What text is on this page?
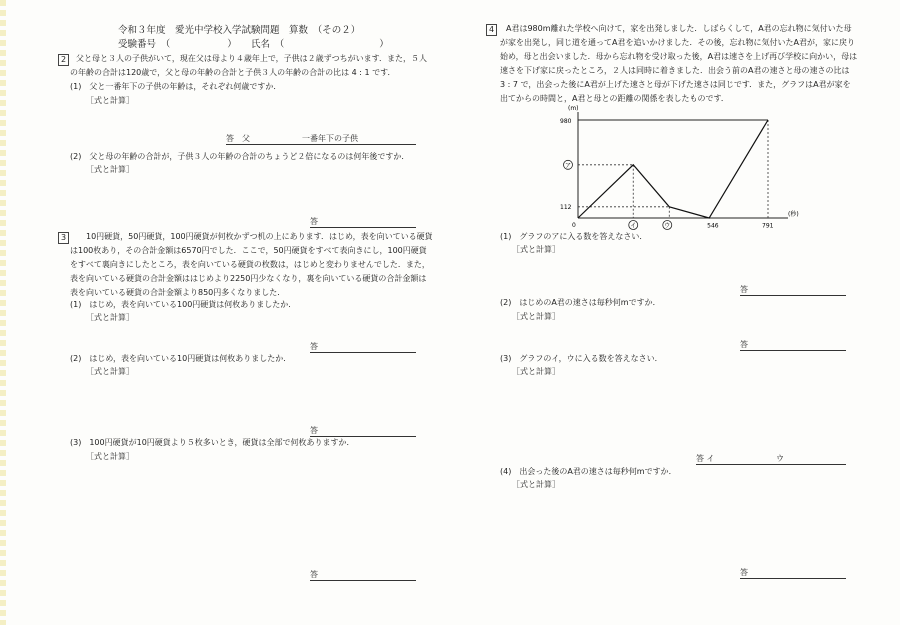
令和３年度　愛光中学校入学試験問題　算数　（その２）
受験番号　（　　　　　　）　　氏名　（　　　　　　　　　　）
2	父と母と３人の子供がいて，現在父は母より４歳年上で，子供は２歳ずつちがいます．また，５人
の年齢の合計は120歳で，父と母の年齢の合計と子供３人の年齢の合計の比は 4 : 1 です．
(1)　父と一番年下の子供の年齢は，それぞれ何歳ですか．
［式と計算］
答　父	一番年下の子供
(2)　父と母の年齢の合計が，子供３人の年齢の合計のちょうど２倍になるのは何年後ですか．
［式と計算］
答
3	10円硬貨，50円硬貨，100円硬貨が何枚かずつ机の上にあります．はじめ，表を向いている硬貨
は100枚あり，その合計金額は6570円でした．ここで，50円硬貨をすべて表向きにし，100円硬貨
をすべて裏向きにしたところ，表を向いている硬貨の枚数は，はじめと変わりませんでした．また，
表を向いている硬貨の合計金額ははじめより2250円少なくなり，裏を向いている硬貨の合計金額は
表を向いている硬貨の合計金額より850円多くなりました．
(1)　はじめ，表を向いている100円硬貨は何枚ありましたか．
［式と計算］
答
(2)　はじめ，表を向いている10円硬貨は何枚ありましたか．
［式と計算］
答
(3)　100円硬貨が10円硬貨より５枚多いとき，硬貨は全部で何枚ありますか．
［式と計算］
答
4	A君は980m離れた学校へ向けて，家を出発しました．しばらくして，A君の忘れ物に気付いた母
が家を出発し，同じ道を通ってA君を追いかけました．その後，忘れ物に気付いたA君が，家に戻り
始め，母と出会いました．母から忘れ物を受け取った後，A君は速さを上げ再び学校に向かい，母は
速さを下げ家に戻ったところ，２人は同時に着きました．出会う前のA君の速さと母の速さの比は
3 : 7 で，出会った後にA君が上げた速さと母が下げた速さは同じです．また，グラフはA君が家を
出てからの時間と，A君と母との距離の関係を表したものです．
(m)
(秒)
980
ア
112
0	イ	ウ	546	791
(1)　グラフのアに入る数を答えなさい．
［式と計算］
答
(2)　はじめのA君の速さは毎秒何mですか．
［式と計算］
答
(3)　グラフのイ，ウに入る数を答えなさい．
［式と計算］
答 イ	ウ
(4)　出会った後のA君の速さは毎秒何mですか．
［式と計算］
答
